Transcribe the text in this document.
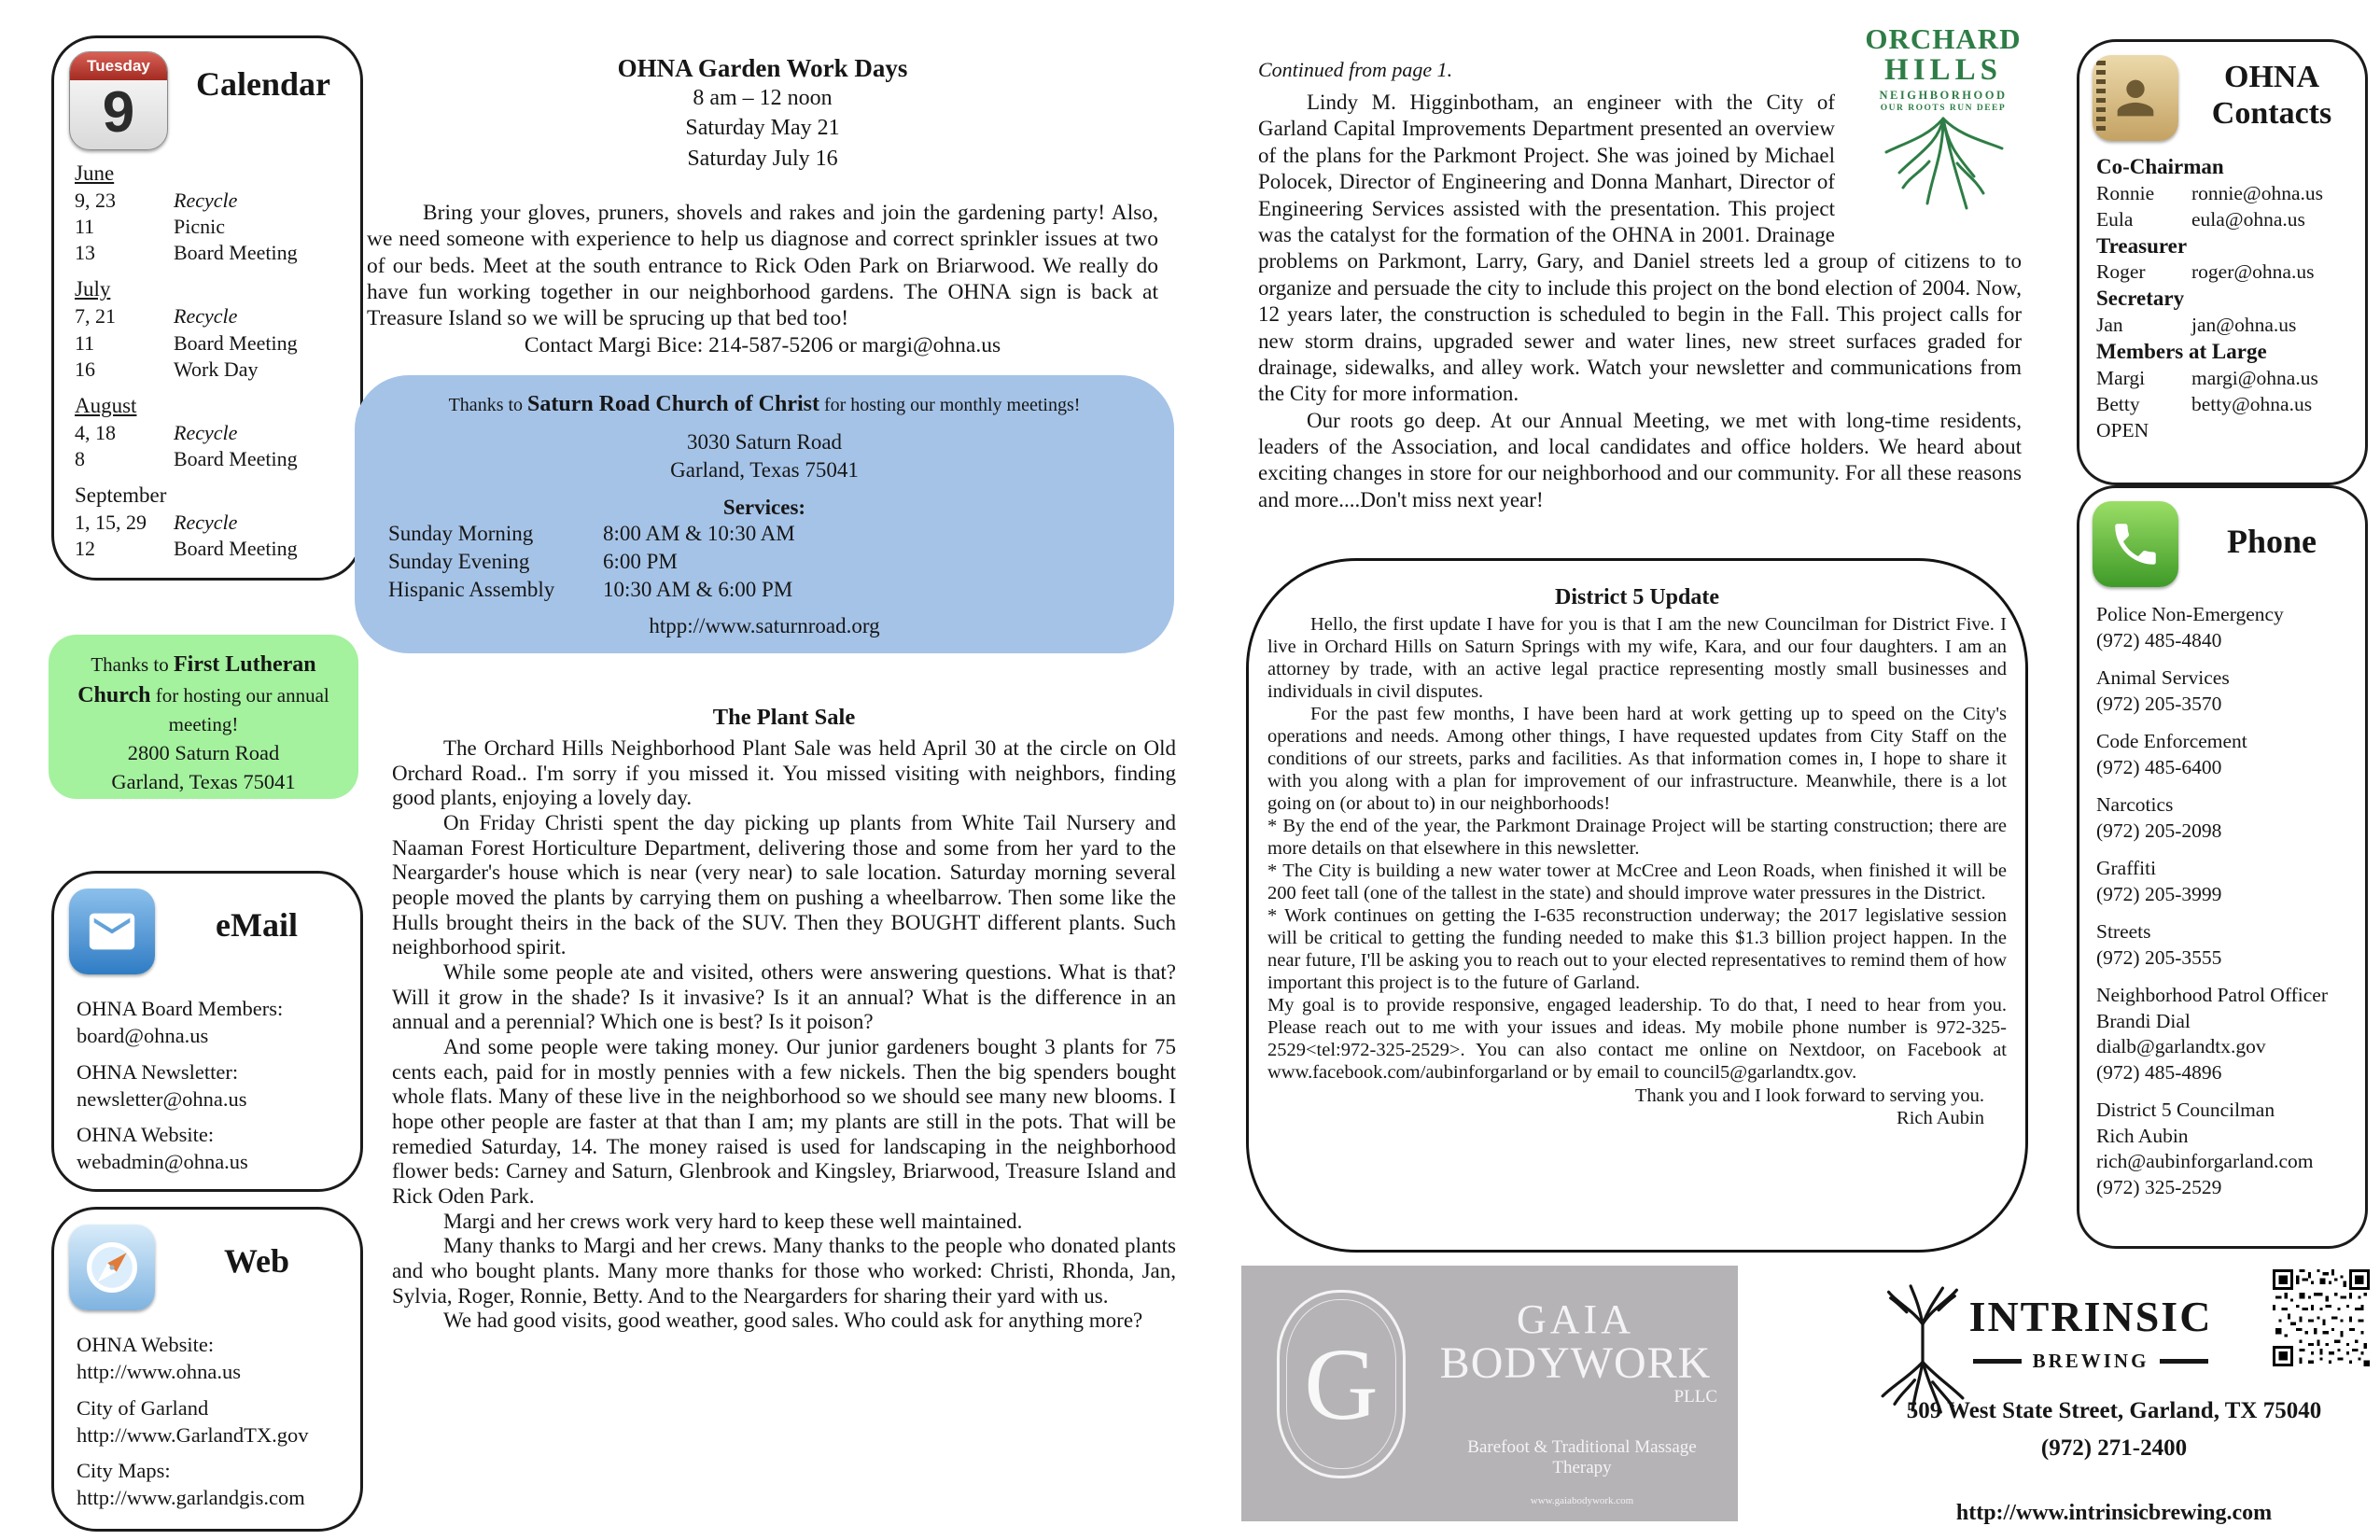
Tuesday
9	Calendar
June
9, 23	Recycle
11	Picnic
13	Board Meeting
July
7, 21	Recycle
11	Board Meeting
16	Work Day
August
4, 18	Recycle
8	Board Meeting
September
1, 15, 29	Recycle
12	Board Meeting
Thanks to First Lutheran Church for hosting our annual meeting!
2800 Saturn Road
Garland, Texas 75041
eMail
OHNA Board Members:
board@ohna.us
OHNA Newsletter:
newsletter@ohna.us
OHNA Website:
webadmin@ohna.us
Web
OHNA Website:
http://www.ohna.us
City of Garland
http://www.GarlandTX.gov
City Maps:
http://www.garlandgis.com
OHNA Garden Work Days
8 am – 12 noon
Saturday May 21
Saturday July 16
Bring your gloves, pruners, shovels and rakes and join the gardening party! Also, we need someone with experience to help us diagnose and correct sprinkler issues at two of our beds. Meet at the south entrance to Rick Oden Park on Briarwood. We really do have fun working together in our neighborhood gardens. The OHNA sign is back at Treasure Island so we will be sprucing up that bed too!
Contact Margi Bice: 214-587-5206 or margi@ohna.us
Thanks to Saturn Road Church of Christ for hosting our monthly meetings!
3030 Saturn Road
Garland, Texas 75041
Services:
Sunday Morning	8:00 AM & 10:30 AM
Sunday Evening	6:00 PM
Hispanic Assembly	10:30 AM & 6:00 PM
htpp://www.saturnroad.org
The Plant Sale

The Orchard Hills Neighborhood Plant Sale was held April 30 at the circle on Old Orchard Road.. I'm sorry if you missed it. You missed visiting with neighbors, finding good plants, enjoying a lovely day.

On Friday Christi spent the day picking up plants from White Tail Nursery and Naaman Forest Horticulture Department, delivering those and some from her yard to the Neargarder's house which is near (very near) to sale location. Saturday morning several people moved the plants by carrying them on pushing a wheelbarrow. Then some like the Hulls brought theirs in the back of the SUV. Then they BOUGHT different plants. Such neighborhood spirit.

While some people ate and visited, others were answering questions. What is that? Will it grow in the shade? Is it invasive? Is it an annual? What is the difference in an annual and a perennial? Which one is best? Is it poison?

And some people were taking money. Our junior gardeners bought 3 plants for 75 cents each, paid for in mostly pennies with a few nickels. Then the big spenders bought whole flats. Many of these live in the neighborhood so we should see many new blooms. I hope other people are faster at that than I am; my plants are still in the pots. That will be remedied Saturday, 14. The money raised is used for landscaping in the neighborhood flower beds: Carney and Saturn, Glenbrook and Kingsley, Briarwood, Treasure Island and Rick Oden Park.

Margi and her crews work very hard to keep these well maintained.

Many thanks to Margi and her crews. Many thanks to the people who donated plants and who bought plants. Many more thanks for those who worked: Christi, Rhonda, Jan, Sylvia, Roger, Ronnie, Betty. And to the Neargarders for sharing their yard with us.

We had good visits, good weather, good sales. Who could ask for anything more?

Continued from page 1.

Lindy M. Higginbotham, an engineer with the City of Garland Capital Improvements Department presented an overview of the plans for the Parkmont Project. She was joined by Michael Polocek, Director of Engineering and Donna Manhart, Director of Engineering Services assisted with the presentation. This project was the catalyst for the formation of the OHNA in 2001. Drainage problems on Parkmont, Larry, Gary, and Daniel streets led a group of citizens to to organize and persuade the city to include this project on the bond election of 2004. Now, 12 years later, the construction is scheduled to begin in the Fall. This project calls for new storm drains, upgraded sewer and water lines, new street surfaces graded for drainage, sidewalks, and alley work. Watch your newsletter and communications from the City for more information.

Our roots go deep. At our Annual Meeting, we met with long-time residents, leaders of the Association, and local candidates and office holders. We heard about exciting changes in store for our neighborhood and our community. For all these reasons and more....Don't miss next year!

ORCHARD
HILLS
NEIGHBORHOOD
OUR ROOTS RUN DEEP
District 5 Update

Hello, the first update I have for you is that I am the new Councilman for District Five. I live in Orchard Hills on Saturn Springs with my wife, Kara, and our four daughters. I am an attorney by trade, with an active legal practice representing mostly small businesses and individuals in civil disputes.

For the past few months, I have been hard at work getting up to speed on the City's operations and needs. Among other things, I have requested updates from City Staff on the conditions of our streets, parks and facilities. As that information comes in, I hope to share it with you along with a plan for improvement of our infrastructure. Meanwhile, there is a lot going on (or about to) in our neighborhoods!

* By the end of the year, the Parkmont Drainage Project will be starting construction; there are more details on that elsewhere in this newsletter.

* The City is building a new water tower at McCree and Leon Roads, when finished it will be 200 feet tall (one of the tallest in the state) and should improve water pressures in the District.

* Work continues on getting the I-635 reconstruction underway; the 2017 legislative session will be critical to getting the funding needed to make this $1.3 billion project happen. In the near future, I'll be asking you to reach out to your elected representatives to remind them of how important this project is to the future of Garland.

My goal is to provide responsive, engaged leadership. To do that, I need to hear from you. Please reach out to me with your issues and ideas. My mobile phone number is 972-325-2529<tel:972-325-2529>. You can also contact me online on Nextdoor, on Facebook at www.facebook.com/aubinforgarland or by email to council5@garlandtx.gov.

Thank you and I look forward to serving you.
Rich Aubin
G
GAIA
BODYWORK
PLLC
Barefoot & Traditional Massage Therapy
www.gaiabodywork.com
INTRINSIC
BREWING
509 West State Street, Garland, TX 75040
(972) 271-2400
http://www.intrinsicbrewing.com
OHNA Contacts
Co-Chairman
Ronnie	ronnie@ohna.us
Eula	eula@ohna.us
Treasurer
Roger	roger@ohna.us
Secretary
Jan	jan@ohna.us
Members at Large
Margi	margi@ohna.us
Betty	betty@ohna.us
OPEN
Phone
Police Non-Emergency
(972) 485-4840
Animal Services
(972) 205-3570
Code Enforcement
(972) 485-6400
Narcotics
(972) 205-2098
Graffiti
(972) 205-3999
Streets
(972) 205-3555
Neighborhood Patrol Officer
Brandi Dial
dialb@garlandtx.gov
(972) 485-4896
District 5 Councilman
Rich Aubin
rich@aubinforgarland.com
(972) 325-2529
